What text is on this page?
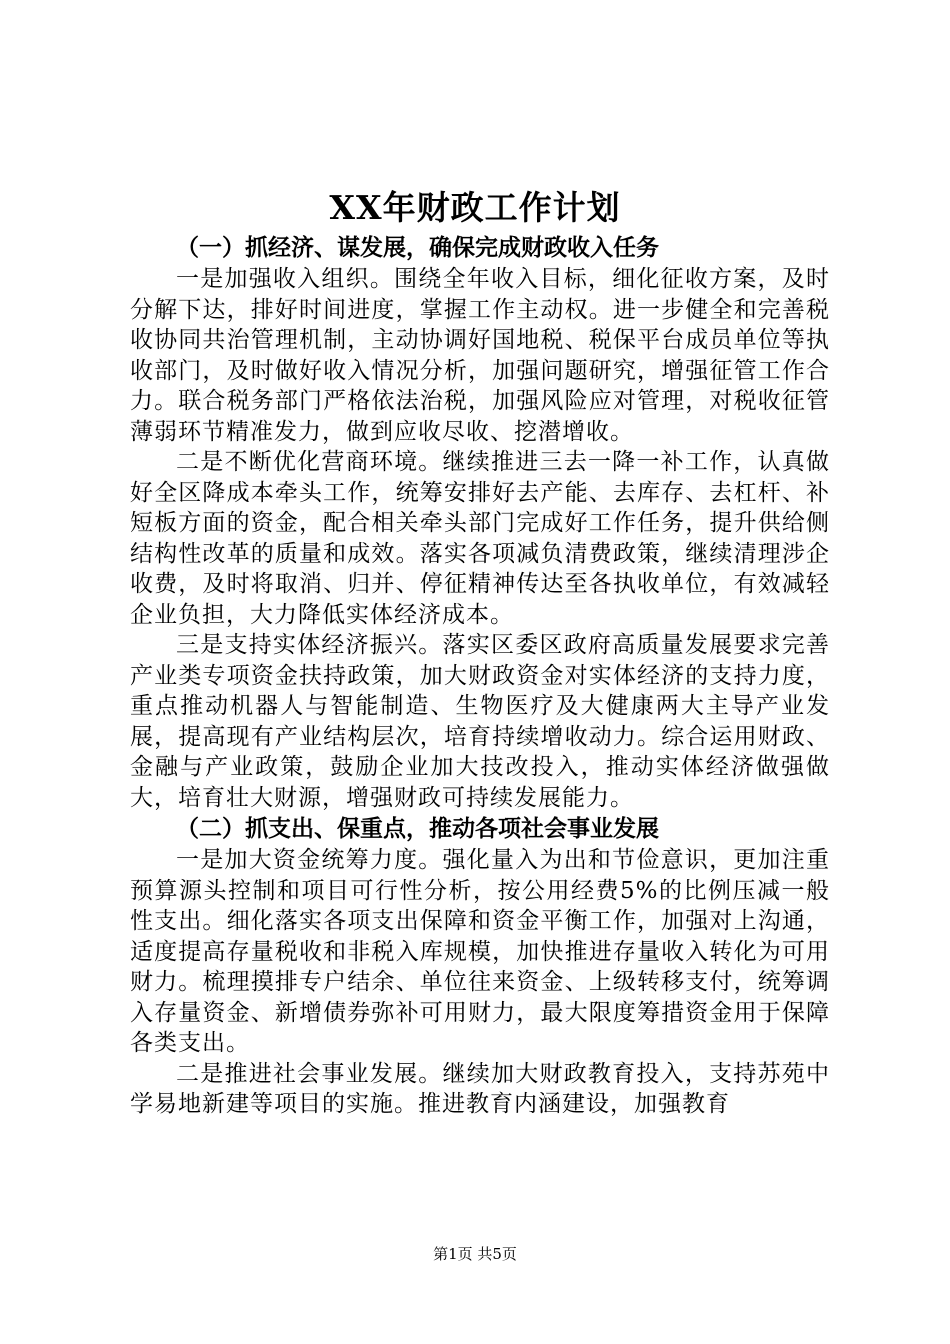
XX年财政工作计划

（一）抓经济、谋发展，确保完成财政收入任务

一是加强收入组织。围绕全年收入目标，细化征收方案，及时分解下达，排好时间进度，掌握工作主动权。进一步健全和完善税收协同共治管理机制，主动协调好国地税、税保平台成员单位等执收部门，及时做好收入情况分析，加强问题研究，增强征管工作合力。联合税务部门严格依法治税，加强风险应对管理，对税收征管薄弱环节精准发力，做到应收尽收、挖潜增收。

二是不断优化营商环境。继续推进三去一降一补工作，认真做好全区降成本牵头工作，统筹安排好去产能、去库存、去杠杆、补短板方面的资金，配合相关牵头部门完成好工作任务，提升供给侧结构性改革的质量和成效。落实各项减负清费政策，继续清理涉企收费，及时将取消、归并、停征精神传达至各执收单位，有效减轻企业负担，大力降低实体经济成本。

三是支持实体经济振兴。落实区委区政府高质量发展要求完善产业类专项资金扶持政策，加大财政资金对实体经济的支持力度，重点推动机器人与智能制造、生物医疗及大健康两大主导产业发展，提高现有产业结构层次，培育持续增收动力。综合运用财政、金融与产业政策，鼓励企业加大技改投入，推动实体经济做强做大，培育壮大财源，增强财政可持续发展能力。

（二）抓支出、保重点，推动各项社会事业发展

一是加大资金统筹力度。强化量入为出和节俭意识，更加注重预算源头控制和项目可行性分析，按公用经费5%的比例压减一般性支出。细化落实各项支出保障和资金平衡工作，加强对上沟通，适度提高存量税收和非税入库规模，加快推进存量收入转化为可用财力。梳理摸排专户结余、单位往来资金、上级转移支付，统筹调入存量资金、新增债券弥补可用财力，最大限度筹措资金用于保障各类支出。

二是推进社会事业发展。继续加大财政教育投入，支持苏苑中学易地新建等项目的实施。推进教育内涵建设，加强教育

第1页 共5页
